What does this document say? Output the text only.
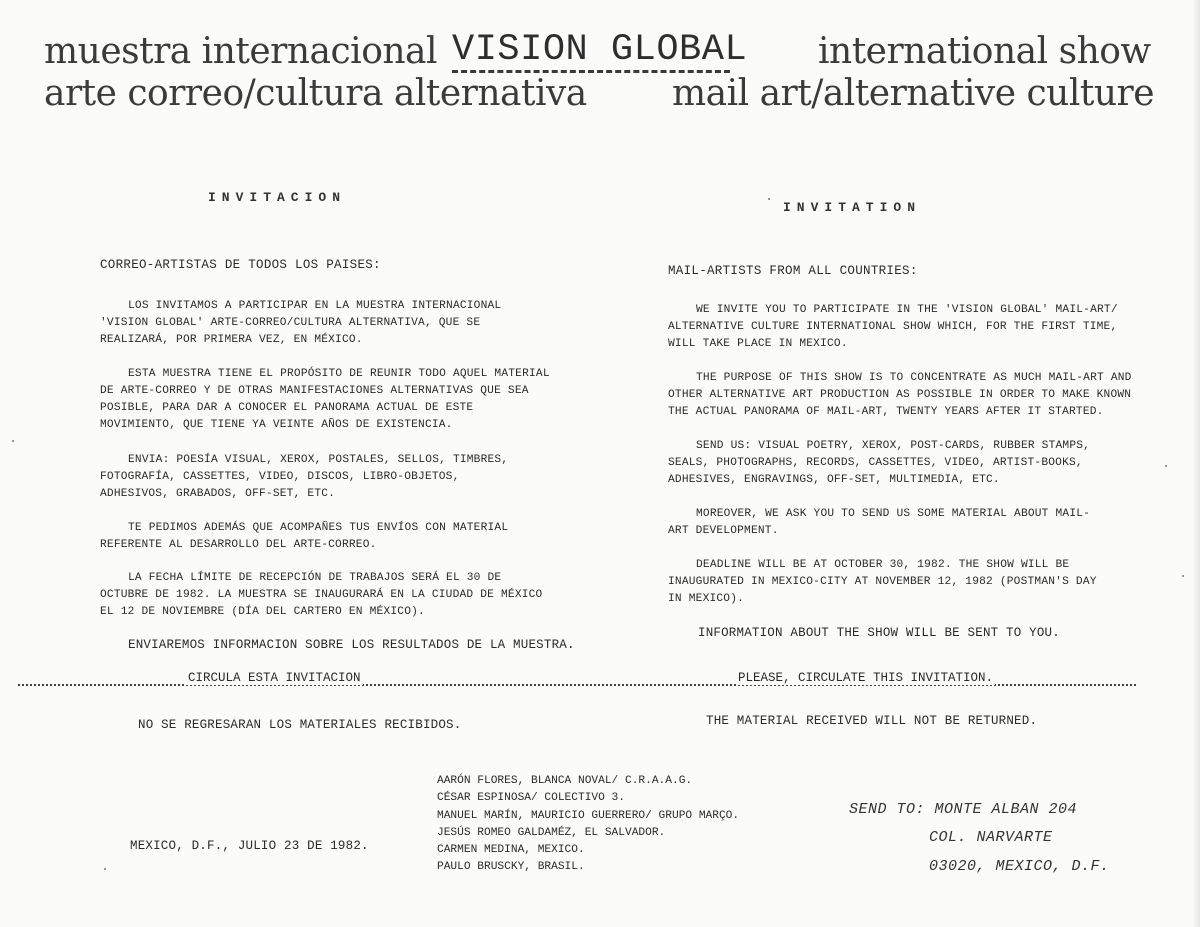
muestra internacional
arte correo/cultura alternativa
VISION GLOBAL international show
mail art/alternative culture
INVITACION
CORREO-ARTISTAS DE TODOS LOS PAISES:
LOS INVITAMOS A PARTICIPAR EN LA MUESTRA INTERNACIONAL 'VISION GLOBAL' ARTE-CORREO/CULTURA ALTERNATIVA, QUE SE REALIZARÁ, POR PRIMERA VEZ, EN MÉXICO.
ESTA MUESTRA TIENE EL PROPÓSITO DE REUNIR TODO AQUEL MATERIAL DE ARTE-CORREO Y DE OTRAS MANIFESTACIONES ALTERNATIVAS QUE SEA POSIBLE, PARA DAR A CONOCER EL PANORAMA ACTUAL DE ESTE MOVIMIENTO, QUE TIENE YA VEINTE AÑOS DE EXISTENCIA.
ENVIA: POESÍA VISUAL, XEROX, POSTALES, SELLOS, TIMBRES, FOTOGRAFÍA, CASSETTES, VIDEO, DISCOS, LIBRO-OBJETOS, ADHESIVOS, GRABADOS, OFF-SET, ETC.
TE PEDIMOS ADEMÁS QUE ACOMPAÑES TUS ENVÍOS CON MATERIAL REFERENTE AL DESARROLLO DEL ARTE-CORREO.
LA FECHA LÍMITE DE RECEPCIÓN DE TRABAJOS SERÁ EL 30 DE OCTUBRE DE 1982. LA MUESTRA SE INAUGURARÁ EN LA CIUDAD DE MÉXICO EL 12 DE NOVIEMBRE (DÍA DEL CARTERO EN MÉXICO).
ENVIAREMOS INFORMACION SOBRE LOS RESULTADOS DE LA MUESTRA.
INVITATION
MAIL-ARTISTS FROM ALL COUNTRIES:
WE INVITE YOU TO PARTICIPATE IN THE 'VISION GLOBAL' MAIL-ART/ ALTERNATIVE CULTURE INTERNATIONAL SHOW WHICH, FOR THE FIRST TIME, WILL TAKE PLACE IN MEXICO.
THE PURPOSE OF THIS SHOW IS TO CONCENTRATE AS MUCH MAIL-ART AND OTHER ALTERNATIVE ART PRODUCTION AS POSSIBLE IN ORDER TO MAKE KNOWN THE ACTUAL PANORAMA OF MAIL-ART, TWENTY YEARS AFTER IT STARTED.
SEND US: VISUAL POETRY, XEROX, POST-CARDS, RUBBER STAMPS, SEALS, PHOTOGRAPHS, RECORDS, CASSETTES, VIDEO, ARTIST-BOOKS, ADHESIVES, ENGRAVINGS, OFF-SET, MULTIMEDIA, ETC.
MOREOVER, WE ASK YOU TO SEND US SOME MATERIAL ABOUT MAIL-ART DEVELOPMENT.
DEADLINE WILL BE AT OCTOBER 30, 1982. THE SHOW WILL BE INAUGURATED IN MEXICO-CITY AT NOVEMBER 12, 1982 (POSTMAN'S DAY IN MEXICO).
INFORMATION ABOUT THE SHOW WILL BE SENT TO YOU.
CIRCULA ESTA INVITACION	PLEASE, CIRCULATE THIS INVITATION.
NO SE REGRESARAN LOS MATERIALES RECIBIDOS.	THE MATERIAL RECEIVED WILL NOT BE RETURNED.
AARÓN FLORES, BLANCA NOVAL/ C.R.A.A.G.
CÉSAR ESPINOSA/ COLECTIVO 3.
MANUEL MARÍN, MAURICIO GUERRERO/ GRUPO MARÇO.
JESÚS ROMEO GALDAMÉZ, EL SALVADOR.
CARMEN MEDINA, MEXICO.
PAULO BRUSCKY, BRASIL.
MEXICO, D.F., JULIO 23 DE 1982.
SEND TO: MONTE ALBAN 204
COL. NARVARTE
03020, MEXICO, D.F.
